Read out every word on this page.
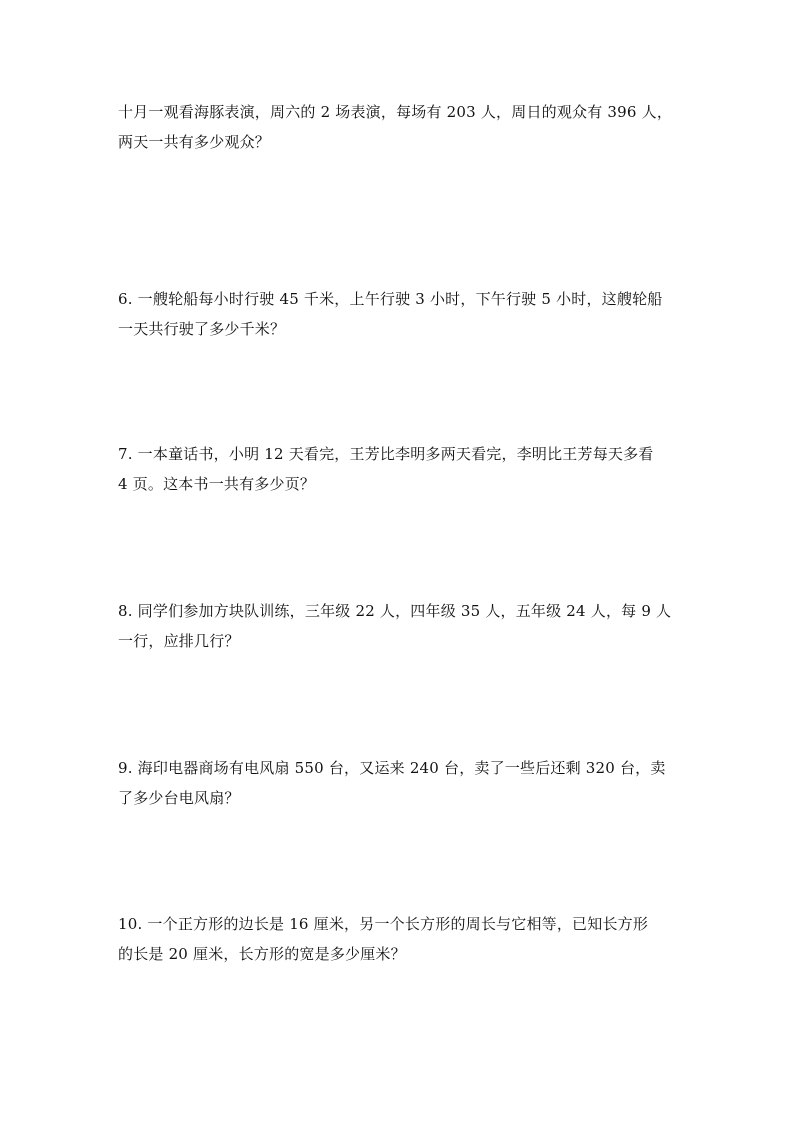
十月一观看海豚表演，周六的 2 场表演，每场有 203 人，周日的观众有 396 人，

两天一共有多少观众？

6. 一艘轮船每小时行驶 45 千米，上午行驶 3 小时，下午行驶 5 小时，这艘轮船

一天共行驶了多少千米？

7. 一本童话书，小明 12 天看完，王芳比李明多两天看完，李明比王芳每天多看

4 页。这本书一共有多少页？

8. 同学们参加方块队训练，三年级 22 人，四年级 35 人，五年级 24 人，每 9 人

一行，应排几行？

9. 海印电器商场有电风扇 550 台，又运来 240 台，卖了一些后还剩 320 台，卖

了多少台电风扇？

10. 一个正方形的边长是 16 厘米，另一个长方形的周长与它相等，已知长方形

的长是 20 厘米，长方形的宽是多少厘米？
